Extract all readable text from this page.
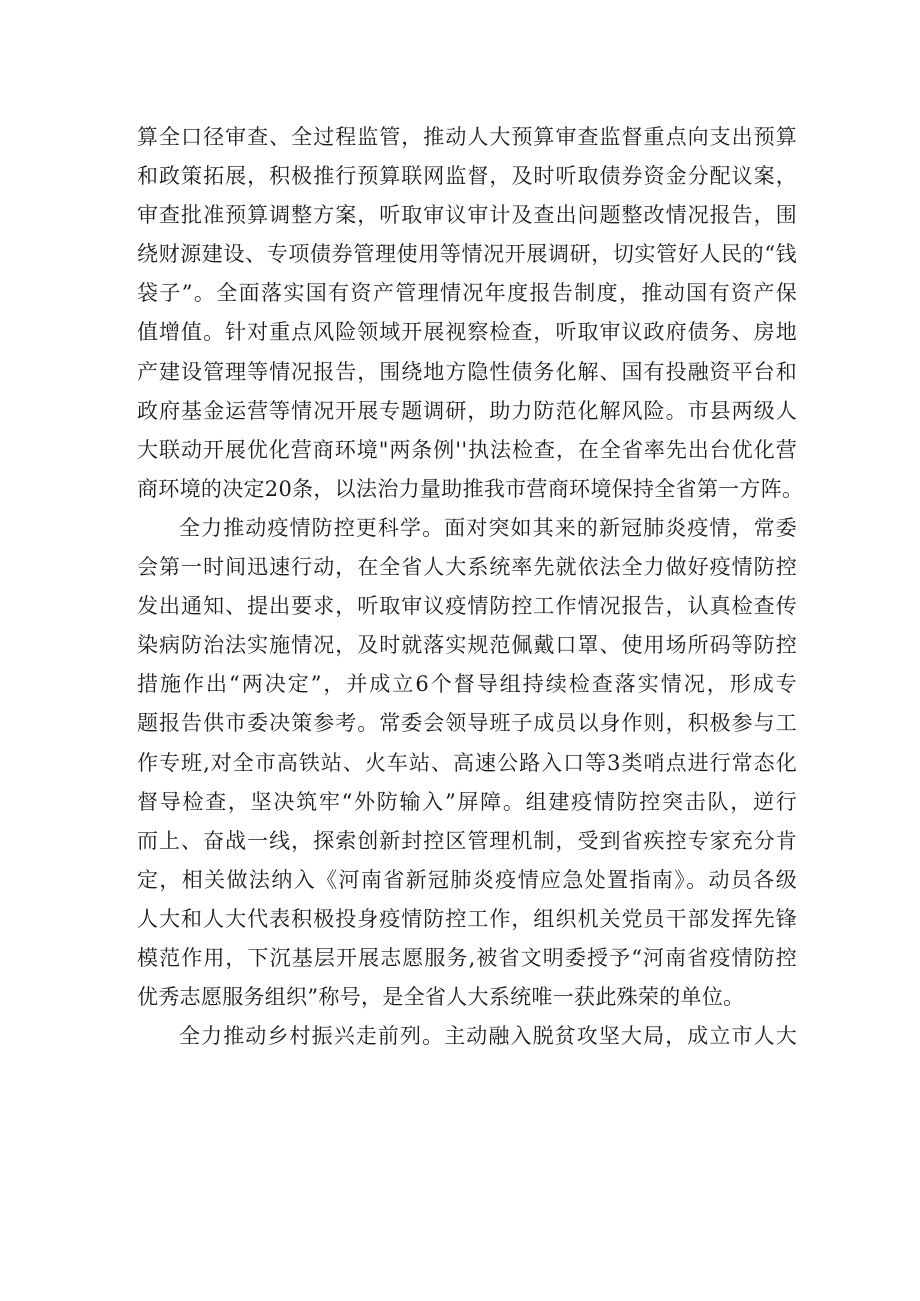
算全口径审查、全过程监管，推动人大预算审查监督重点向支出预算
和政策拓展，积极推行预算联网监督，及时听取债券资金分配议案，
审查批准预算调整方案，听取审议审计及查出问题整改情况报告，围
绕财源建设、专项债券管理使用等情况开展调研，切实管好人民的“钱
袋子”。全面落实国有资产管理情况年度报告制度，推动国有资产保
值增值。针对重点风险领域开展视察检查，听取审议政府债务、房地
产建设管理等情况报告，围绕地方隐性债务化解、国有投融资平台和
政府基金运营等情况开展专题调研，助力防范化解风险。市县两级人
大联动开展优化营商环境"两条例''执法检查，在全省率先出台优化营
商环境的决定20条，以法治力量助推我市营商环境保持全省第一方阵。
全力推动疫情防控更科学。面对突如其来的新冠肺炎疫情，常委
会第一时间迅速行动，在全省人大系统率先就依法全力做好疫情防控
发出通知、提出要求，听取审议疫情防控工作情况报告，认真检查传
染病防治法实施情况，及时就落实规范佩戴口罩、使用场所码等防控
措施作出“两决定”，并成立6个督导组持续检查落实情况，形成专
题报告供市委决策参考。常委会领导班子成员以身作则，积极参与工
作专班,对全市高铁站、火车站、高速公路入口等3类哨点进行常态化
督导检查，坚决筑牢“外防输入”屏障。组建疫情防控突击队，逆行
而上、奋战一线，探索创新封控区管理机制，受到省疾控专家充分肯
定，相关做法纳入《河南省新冠肺炎疫情应急处置指南》。动员各级
人大和人大代表积极投身疫情防控工作，组织机关党员干部发挥先锋
模范作用，下沉基层开展志愿服务,被省文明委授予“河南省疫情防控
优秀志愿服务组织”称号，是全省人大系统唯一获此殊荣的单位。
全力推动乡村振兴走前列。主动融入脱贫攻坚大局，成立市人大
